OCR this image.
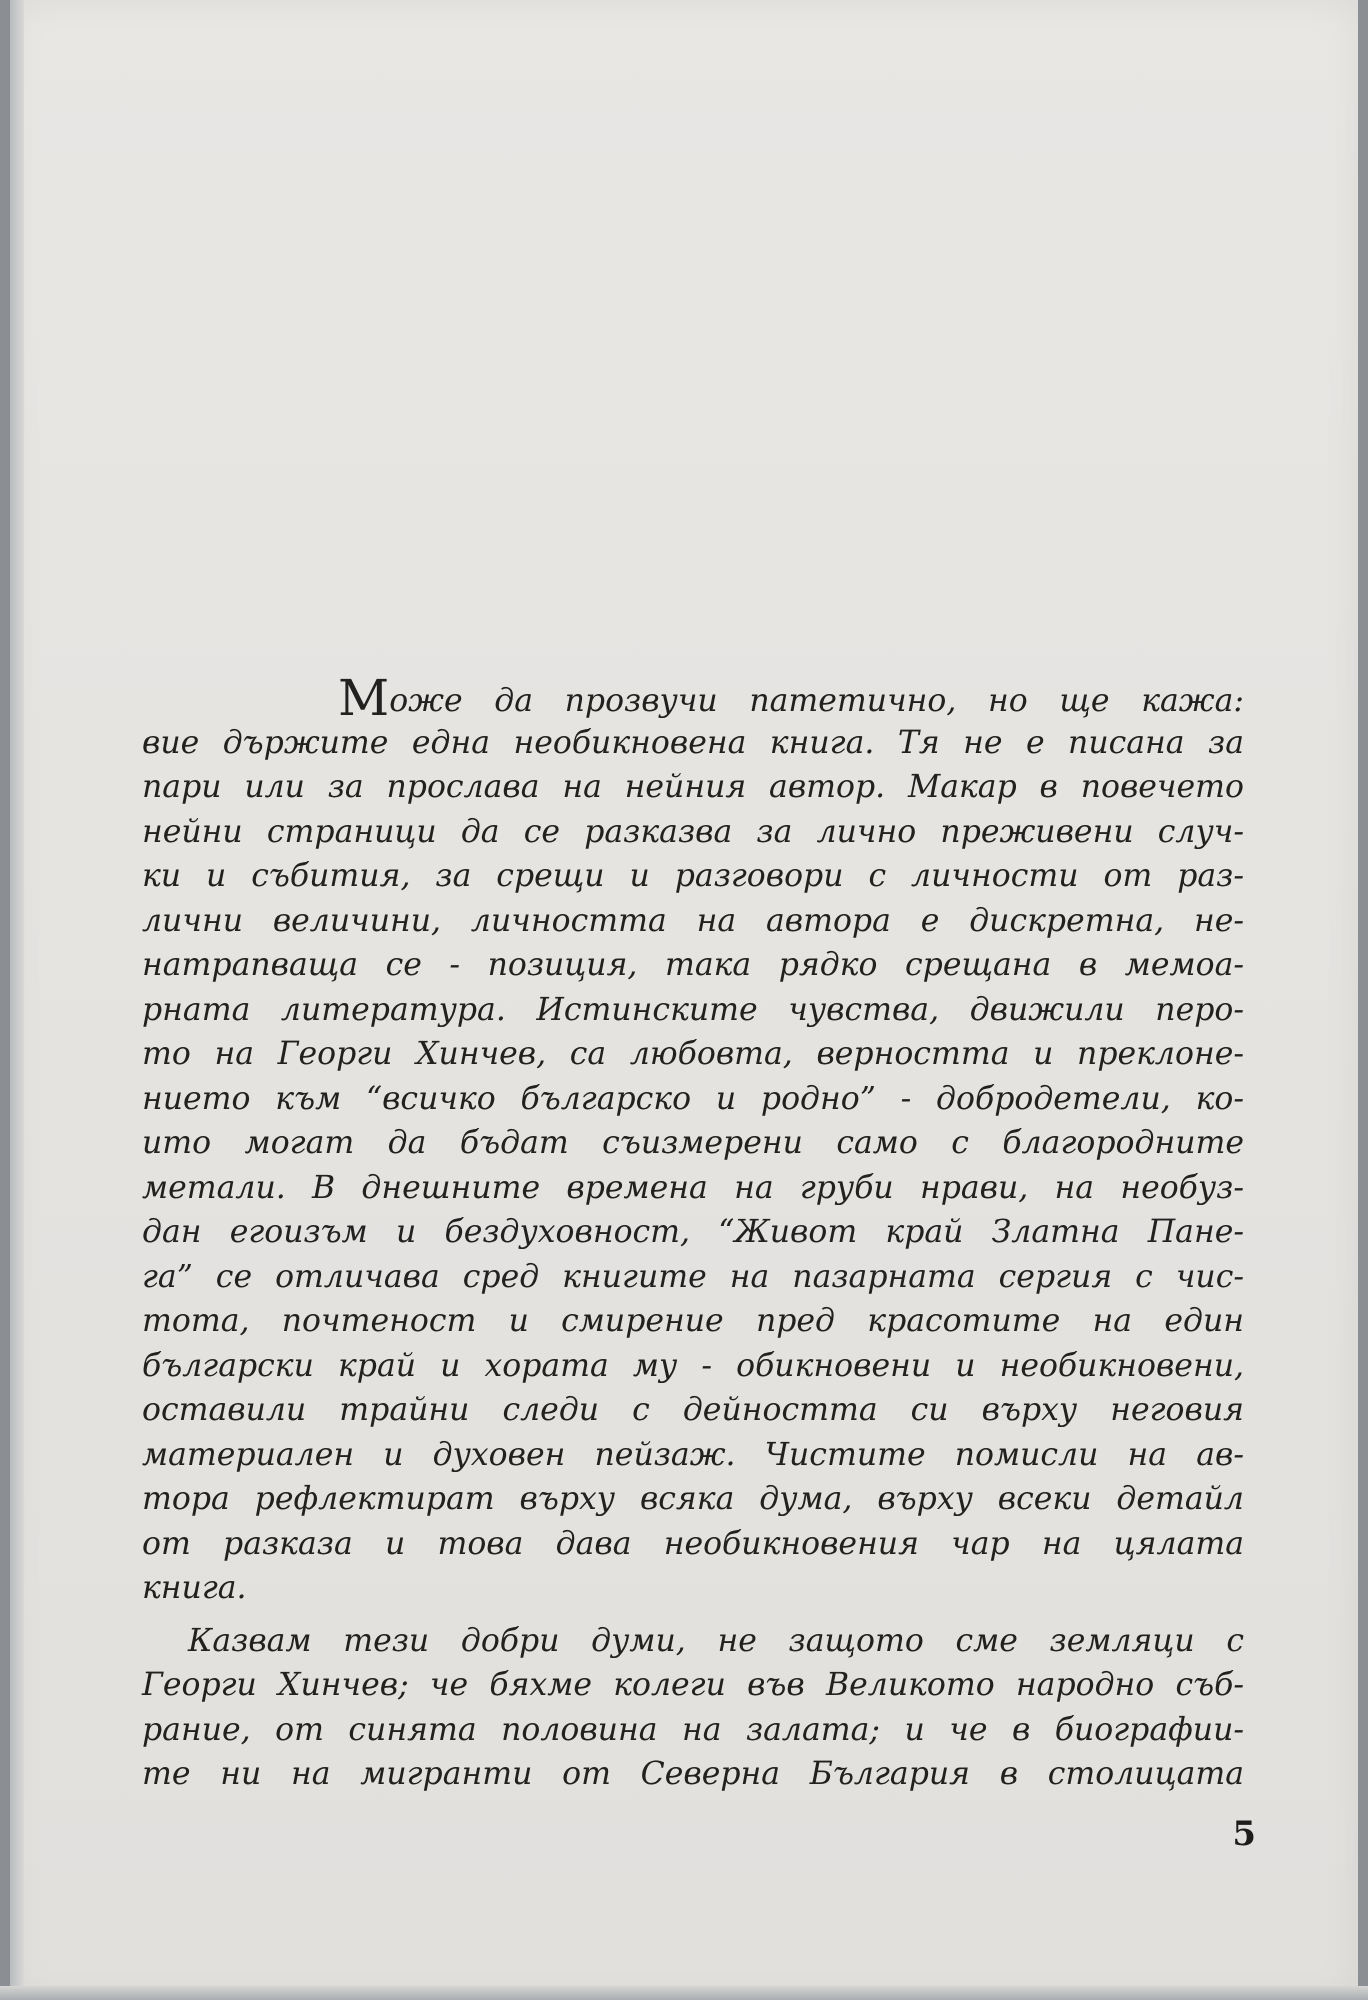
Може да прозвучи патетично, но ще кажа:
вие държите една необикновена книга. Тя не е писана за
пари или за прослава на нейния автор. Макар в повечето
нейни страници да се разказва за лично преживени случ-
ки и събития, за срещи и разговори с личности от раз-
лични величини, личността на автора е дискретна, не-
натрапваща се - позиция, така рядко срещана в мемоа-
рната литература. Истинските чувства, движили перо-
то на Георги Хинчев, са любовта, верността и преклоне-
нието към “всичко българско и родно” - добродетели, ко-
ито могат да бъдат съизмерени само с благородните
метали. В днешните времена на груби нрави, на необуз-
дан егоизъм и бездуховност, “Живот край Златна Пане-
га” се отличава сред книгите на пазарната сергия с чис-
тота, почтеност и смирение пред красотите на един
български край и хората му - обикновени и необикновени,
оставили трайни следи с дейността си върху неговия
материален и духовен пейзаж. Чистите помисли на ав-
тора рефлектират върху всяка дума, върху всеки детайл
от разказа и това дава необикновения чар на цялата
книга.
Казвам тези добри думи, не защото сме земляци с
Георги Хинчев; че бяхме колеги във Великото народно съб-
рание, от синята половина на залата; и че в биографии-
те ни на мигранти от Северна България в столицата
5
